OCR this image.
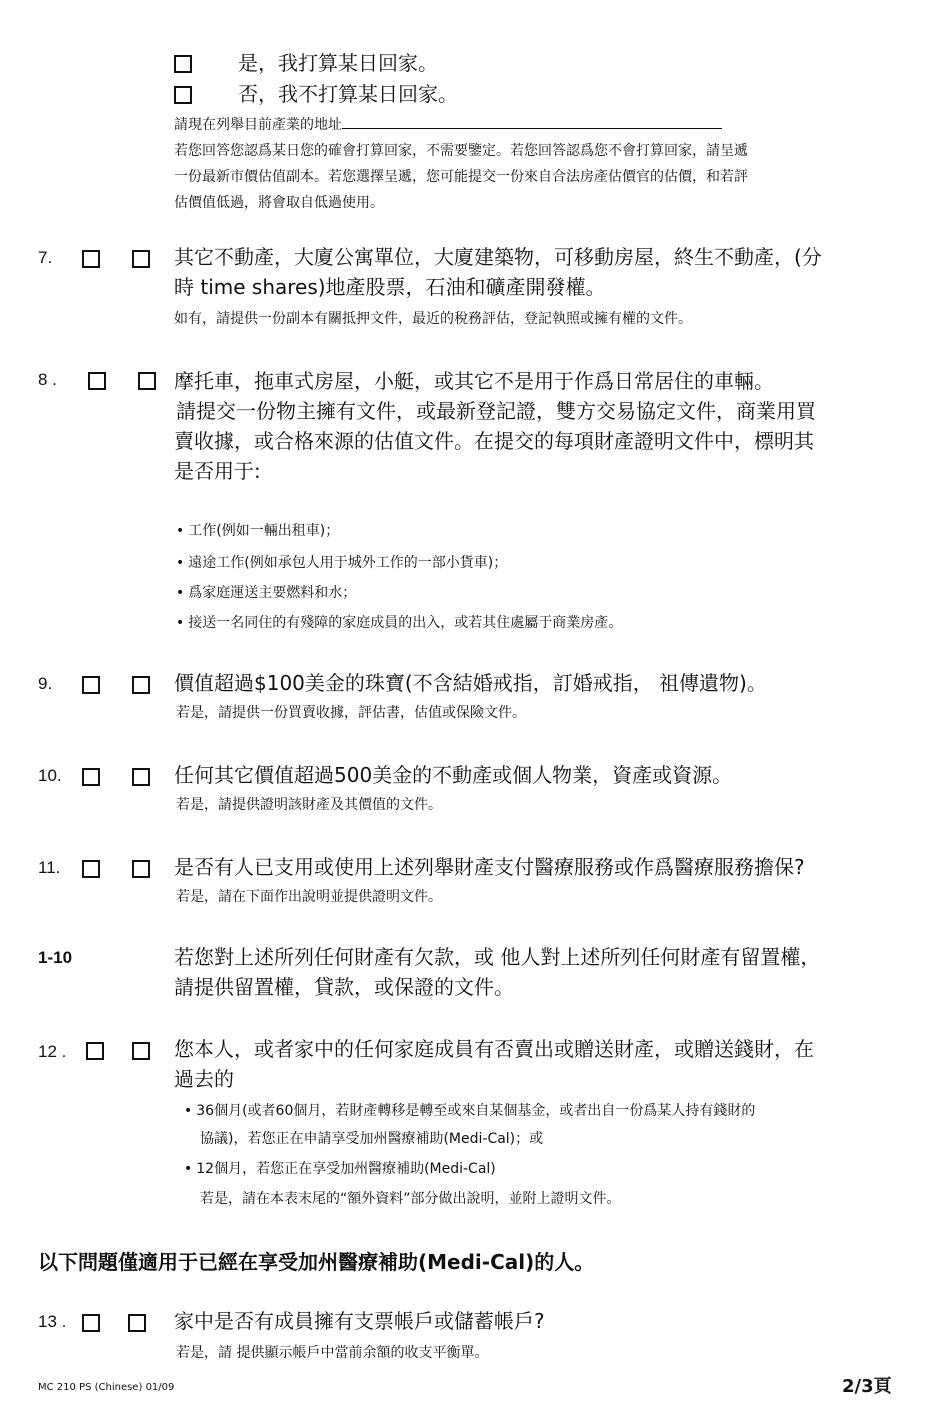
是，我打算某日回家。
否，我不打算某日回家。
請現在列舉目前產業的地址
若您回答您認爲某日您的確會打算回家，不需要鑒定。若您回答認爲您不會打算回家，請呈遞
一份最新市價估值副本。若您選擇呈遞，您可能提交一份來自合法房產估價官的估價，和若評
估價值低過，將會取自低過使用。
7.	其它不動產，大廈公寓單位，大廈建築物，可移動房屋，終生不動產，(分
時 time shares)地產股票，石油和礦產開發權。
如有，請提供一份副本有關抵押文件，最近的稅務評估，登記執照或擁有權的文件。
8 .	摩托車，拖車式房屋，小艇，或其它不是用于作爲日常居住的車輛。
請提交一份物主擁有文件，或最新登記證，雙方交易協定文件，商業用買
賣收據，或合格來源的估值文件。在提交的每項財產證明文件中，標明其
是否用于:
• 工作(例如一輛出租車)；
• 遠途工作(例如承包人用于城外工作的一部小貨車)；
• 爲家庭運送主要燃料和水；
• 接送一名同住的有殘障的家庭成員的出入，或若其住處屬于商業房產。
9.	價值超過$100美金的珠寶(不含結婚戒指，訂婚戒指， 祖傳遺物)。
若是，請提供一份買賣收據，評估書，估值或保險文件。
10.	任何其它價值超過500美金的不動產或個人物業，資產或資源。
若是，請提供證明該財產及其價值的文件。
11.	是否有人已支用或使用上述列舉財產支付醫療服務或作爲醫療服務擔保?
若是，請在下面作出說明並提供證明文件。
1-10	若您對上述所列任何財產有欠款，或 他人對上述所列任何財產有留置權，
請提供留置權，貸款，或保證的文件。
12 .	您本人，或者家中的任何家庭成員有否賣出或贈送財產，或贈送錢財，在
過去的
• 36個月(或者60個月，若財產轉移是轉至或來自某個基金，或者出自一份爲某人持有錢財的
協議)，若您正在申請享受加州醫療補助(Medi-Cal)；或
• 12個月，若您正在享受加州醫療補助(Medi-Cal)
若是，請在本表末尾的“額外資料”部分做出說明，並附上證明文件。
以下問題僅適用于已經在享受加州醫療補助(Medi-Cal)的人。
13 .	家中是否有成員擁有支票帳戶或儲蓄帳戶?
若是，請 提供顯示帳戶中當前余額的收支平衡單。
MC 210 PS (Chinese) 01/09	2/3頁
